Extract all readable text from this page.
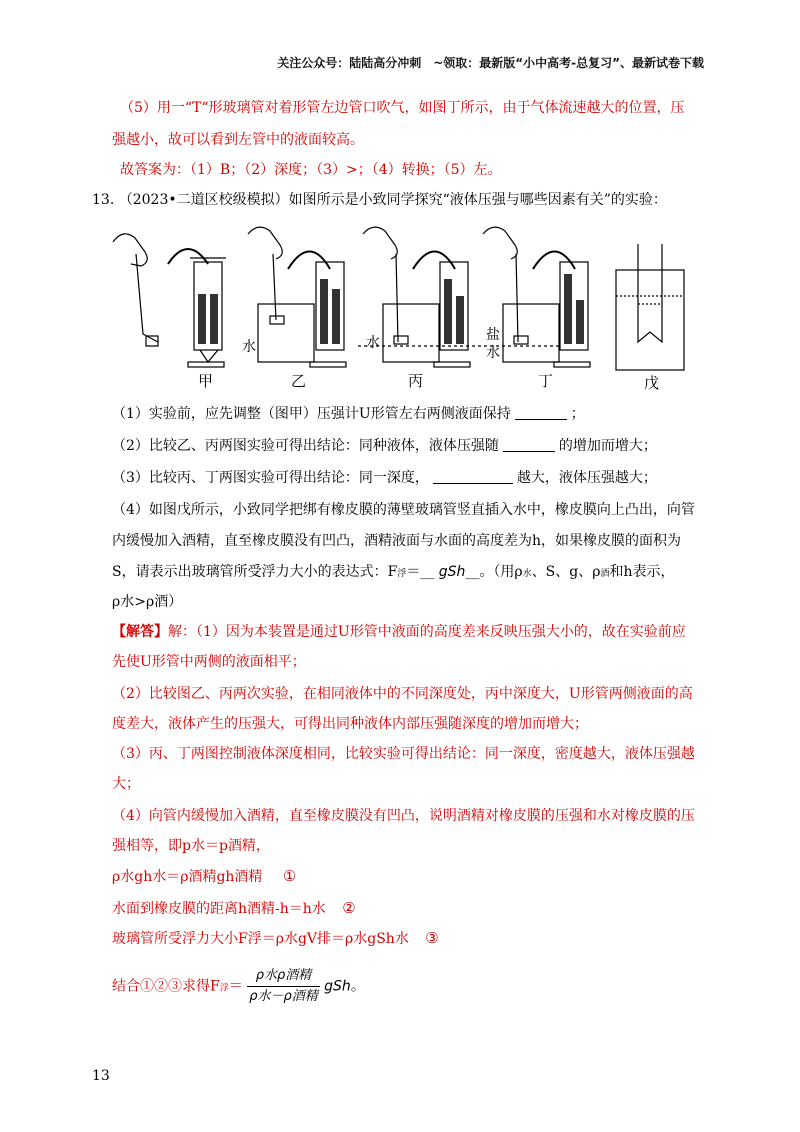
关注公众号：陆陆高分冲刺　~领取：最新版“小中高考-总复习”、最新试卷下载
（5）用一“T“形玻璃管对着形管左边管口吹气，如图丁所示，由于气体流速越大的位置，压
强越小，故可以看到左管中的液面较高。
故答案为：（1）B；（2）深度；（3）>；（4）转换；（5）左。
13. （2023•二道区校级模拟）如图所示是小致同学探究“液体压强与哪些因素有关”的实验：
甲	乙	丙	丁	戊
水	水	盐
水
（1）实验前，应先调整（图甲）压强计U形管左右两侧液面保持	；
（2）比较乙、丙两图实验可得出结论：同种液体，液体压强随	的增加而增大；
（3）比较丙、丁两图实验可得出结论：同一深度，	越大，液体压强越大；
（4）如图戊所示，小致同学把绑有橡皮膜的薄壁玻璃管竖直插入水中，橡皮膜向上凸出，向管
内缓慢加入酒精，直至橡皮膜没有凹凸，酒精液面与水面的高度差为h，如果橡皮膜的面积为
S，请表示出玻璃管所受浮力大小的表达式：F浮＝__ gSh__。（用ρ水、S、g、ρ酒和h表示，
ρ水>ρ酒）
【解答】解：（1）因为本装置是通过U形管中液面的高度差来反映压强大小的，故在实验前应
先使U形管中两侧的液面相平；
（2）比较图乙、丙两次实验，在相同液体中的不同深度处，丙中深度大，U形管两侧液面的高
度差大，液体产生的压强大，可得出同种液体内部压强随深度的增加而增大；
（3）丙、丁两图控制液体深度相同，比较实验可得出结论：同一深度，密度越大，液体压强越
大；
（4）向管内缓慢加入酒精，直至橡皮膜没有凹凸，说明酒精对橡皮膜的压强和水对橡皮膜的压
强相等，即p水＝p酒精，
ρ水gh水＝ρ酒精gh酒精 ①
水面到橡皮膜的距离h酒精-h＝h水 ②
玻璃管所受浮力大小F浮＝ρ水gV排＝ρ水gSh水 ③
结合①②③求得F浮＝ $\frac{\text{ρ水ρ酒精}}{\text{ρ水－ρ酒精}}$ gSh。
13
